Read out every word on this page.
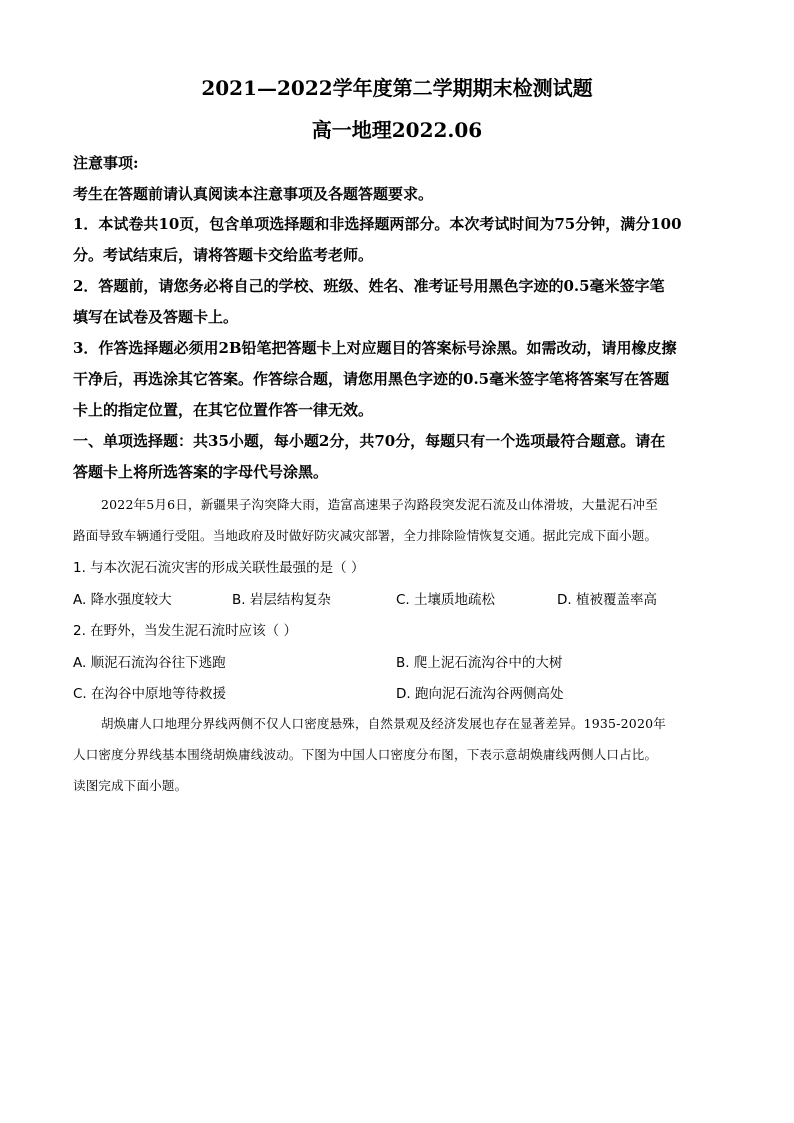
2021—2022学年度第二学期期末检测试题
高一地理2022.06
注意事项:
考生在答题前请认真阅读本注意事项及各题答题要求。
1．本试卷共10页，包含单项选择题和非选择题两部分。本次考试时间为75分钟，满分100
分。考试结束后，请将答题卡交给监考老师。
2．答题前，请您务必将自己的学校、班级、姓名、准考证号用黑色字迹的0.5毫米签字笔
填写在试卷及答题卡上。
3．作答选择题必须用2B铅笔把答题卡上对应题目的答案标号涂黑。如需改动，请用橡皮擦
干净后，再选涂其它答案。作答综合题，请您用黑色字迹的0.5毫米签字笔将答案写在答题
卡上的指定位置，在其它位置作答一律无效。
一、单项选择题：共35小题，每小题2分，共70分，每题只有一个选项最符合题意。请在
答题卡上将所选答案的字母代号涂黑。
2022年5月6日，新疆果子沟突降大雨，造富高速果子沟路段突发泥石流及山体滑坡，大量泥石冲至
路面导致车辆通行受阻。当地政府及时做好防灾减灾部署，全力排除险情恢复交通。据此完成下面小题。
1. 与本次泥石流灾害的形成关联性最强的是（ ）
A. 降水强度较大	B. 岩层结构复杂	C. 土壤质地疏松	D. 植被覆盖率高
2. 在野外，当发生泥石流时应该（ ）
A. 顺泥石流沟谷往下逃跑	B. 爬上泥石流沟谷中的大树
C. 在沟谷中原地等待救援	D. 跑向泥石流沟谷两侧高处
胡焕庸人口地理分界线两侧不仅人口密度悬殊，自然景观及经济发展也存在显著差异。1935-2020年
人口密度分界线基本围绕胡焕庸线波动。下图为中国人口密度分布图，下表示意胡焕庸线两侧人口占比。
读图完成下面小题。
